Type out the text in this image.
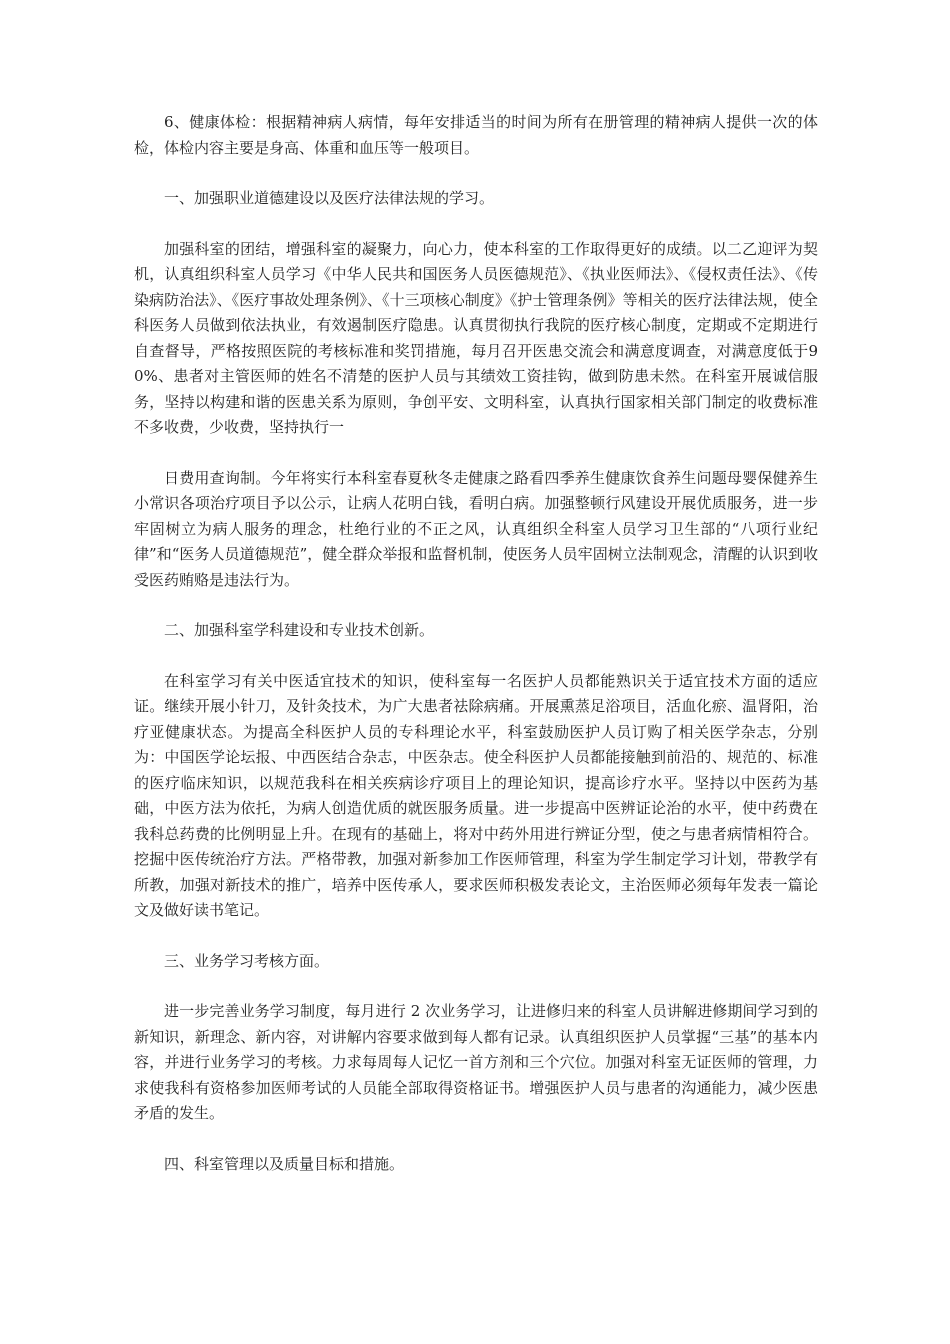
6、健康体检：根据精神病人病情，每年安排适当的时间为所有在册管理的精神病人提供一次的体检，体检内容主要是身高、体重和血压等一般项目。

一、加强职业道德建设以及医疗法律法规的学习。

加强科室的团结，增强科室的凝聚力，向心力，使本科室的工作取得更好的成绩。以二乙迎评为契机，认真组织科室人员学习《中华人民共和国医务人员医德规范》、《执业医师法》、《侵权责任法》、《传染病防治法》、《医疗事故处理条例》、《十三项核心制度》《护士管理条例》等相关的医疗法律法规，使全科医务人员做到依法执业，有效遏制医疗隐患。认真贯彻执行我院的医疗核心制度，定期或不定期进行自查督导，严格按照医院的考核标准和奖罚措施，每月召开医患交流会和满意度调查，对满意度低于90%、患者对主管医师的姓名不清楚的医护人员与其绩效工资挂钩，做到防患未然。在科室开展诚信服务，坚持以构建和谐的医患关系为原则，争创平安、文明科室，认真执行国家相关部门制定的收费标准不多收费，少收费，坚持执行一

日费用查询制。今年将实行本科室春夏秋冬走健康之路看四季养生健康饮食养生问题母婴保健养生小常识各项治疗项目予以公示，让病人花明白钱，看明白病。加强整顿行风建设开展优质服务，进一步牢固树立为病人服务的理念，杜绝行业的不正之风，认真组织全科室人员学习卫生部的“八项行业纪律”和“医务人员道德规范”，健全群众举报和监督机制，使医务人员牢固树立法制观念，清醒的认识到收受医药贿赂是违法行为。

二、加强科室学科建设和专业技术创新。

在科室学习有关中医适宜技术的知识，使科室每一名医护人员都能熟识关于适宜技术方面的适应证。继续开展小针刀，及针灸技术，为广大患者祛除病痛。开展熏蒸足浴项目，活血化瘀、温肾阳，治疗亚健康状态。为提高全科医护人员的专科理论水平，科室鼓励医护人员订购了相关医学杂志，分别为：中国医学论坛报、中西医结合杂志，中医杂志。使全科医护人员都能接触到前沿的、规范的、标准的医疗临床知识，以规范我科在相关疾病诊疗项目上的理论知识，提高诊疗水平。坚持以中医药为基础，中医方法为依托，为病人创造优质的就医服务质量。进一步提高中医辨证论治的水平，使中药费在我科总药费的比例明显上升。在现有的基础上，将对中药外用进行辨证分型，使之与患者病情相符合。挖掘中医传统治疗方法。严格带教，加强对新参加工作医师管理，科室为学生制定学习计划，带教学有所教，加强对新技术的推广，培养中医传承人，要求医师积极发表论文，主治医师必须每年发表一篇论文及做好读书笔记。

三、业务学习考核方面。

进一步完善业务学习制度，每月进行 2 次业务学习，让进修归来的科室人员讲解进修期间学习到的新知识，新理念、新内容，对讲解内容要求做到每人都有记录。认真组织医护人员掌握“三基”的基本内容，并进行业务学习的考核。力求每周每人记忆一首方剂和三个穴位。加强对科室无证医师的管理，力求使我科有资格参加医师考试的人员能全部取得资格证书。增强医护人员与患者的沟通能力，减少医患矛盾的发生。

四、科室管理以及质量目标和措施。
